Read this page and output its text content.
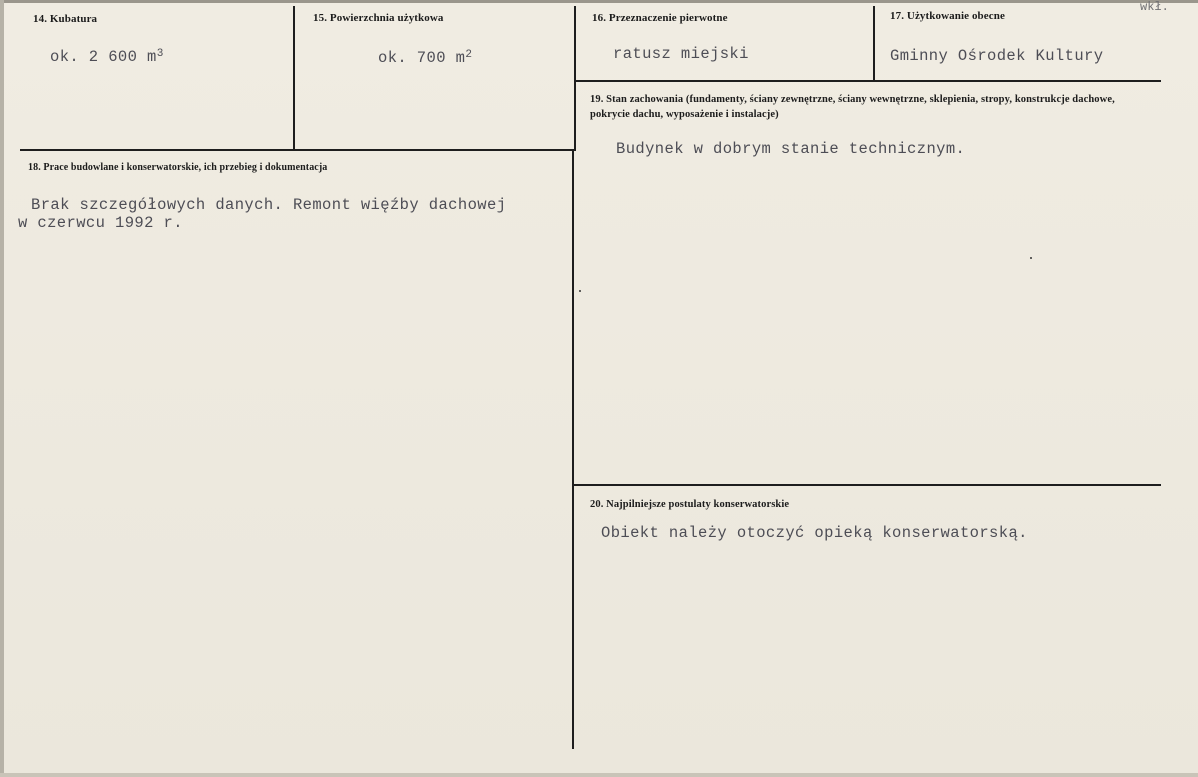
wkł.
14. Kubatura
ok. 2 600 $m^3$
15. Powierzchnia użytkowa
ok. 700 $m^2$
16. Przeznaczenie pierwotne
ratusz miejski
17. Użytkowanie obecne
Gminny Ośrodek Kultury
18. Prace budowlane i konserwatorskie, ich przebieg i dokumentacja
Brak szczegółowych danych. Remont więźby dachowej
w czerwcu 1992 r.
19. Stan zachowania (fundamenty, ściany zewnętrzne, ściany wewnętrzne, sklepienia, stropy, konstrukcje dachowe, pokrycie dachu, wyposażenie i instalacje)
Budynek w dobrym stanie technicznym.
20. Najpilniejsze postulaty konserwatorskie
Obiekt należy otoczyć opieką konserwatorską.
